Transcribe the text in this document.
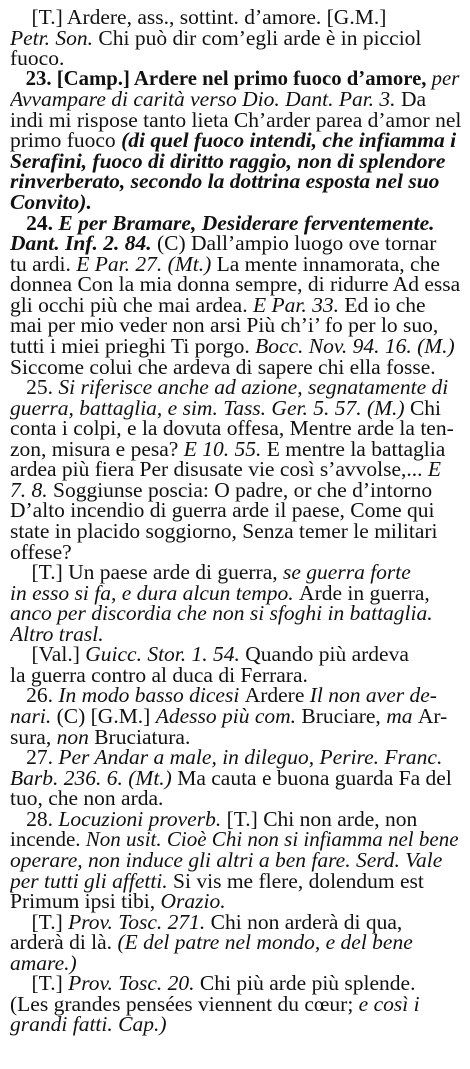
[T.] Ardere, ass., sottint. d’amore. [G.M.]
Petr. Son. Chi può dir com’egli arde è in picciol
fuoco.
23. [Camp.] Ardere nel primo fuoco d’amore, per
Avvampare di carità verso Dio. Dant. Par. 3. Da
indi mi rispose tanto lieta Ch’arder parea d’amor nel
primo fuoco (di quel fuoco intendi, che infiamma i
Serafini, fuoco di diritto raggio, non di splendore
rinverberato, secondo la dottrina esposta nel suo
Convito).
24. E per Bramare, Desiderare ferventemente.
Dant. Inf. 2. 84. (C) Dall’ampio luogo ove tornar
tu ardi. E Par. 27. (Mt.) La mente innamorata, che
donnea Con la mia donna sempre, di ridurre Ad essa
gli occhi più che mai ardea. E Par. 33. Ed io che
mai per mio veder non arsi Più ch’i’ fo per lo suo,
tutti i miei prieghi Ti porgo. Bocc. Nov. 94. 16. (M.)
Siccome colui che ardeva di sapere chi ella fosse.
25. Si riferisce anche ad azione, segnatamente di
guerra, battaglia, e sim. Tass. Ger. 5. 57. (M.) Chi
conta i colpi, e la dovuta offesa, Mentre arde la ten-
zon, misura e pesa? E 10. 55. E mentre la battaglia
ardea più fiera Per disusate vie così s’avvolse,... E
7. 8. Soggiunse poscia: O padre, or che d’intorno
D’alto incendio di guerra arde il paese, Come qui
state in placido soggiorno, Senza temer le militari
offese?
[T.] Un paese arde di guerra, se guerra forte
in esso si fa, e dura alcun tempo. Arde in guerra,
anco per discordia che non si sfoghi in battaglia.
Altro trasl.
[Val.] Guicc. Stor. 1. 54. Quando più ardeva
la guerra contro al duca di Ferrara.
26. In modo basso dicesi Ardere Il non aver de-
nari. (C) [G.M.] Adesso più com. Bruciare, ma Ar-
sura, non Bruciatura.
27. Per Andar a male, in dileguo, Perire. Franc.
Barb. 236. 6. (Mt.) Ma cauta e buona guarda Fa del
tuo, che non arda.
28. Locuzioni proverb. [T.] Chi non arde, non
incende. Non usit. Cioè Chi non si infiamma nel bene
operare, non induce gli altri a ben fare. Serd. Vale
per tutti gli affetti. Si vis me flere, dolendum est
Primum ipsi tibi, Orazio.
[T.] Prov. Tosc. 271. Chi non arderà di qua,
arderà di là. (E del patre nel mondo, e del bene
amare.)
[T.] Prov. Tosc. 20. Chi più arde più splende.
(Les grandes pensées viennent du cœur; e così i
grandi fatti. Cap.)
